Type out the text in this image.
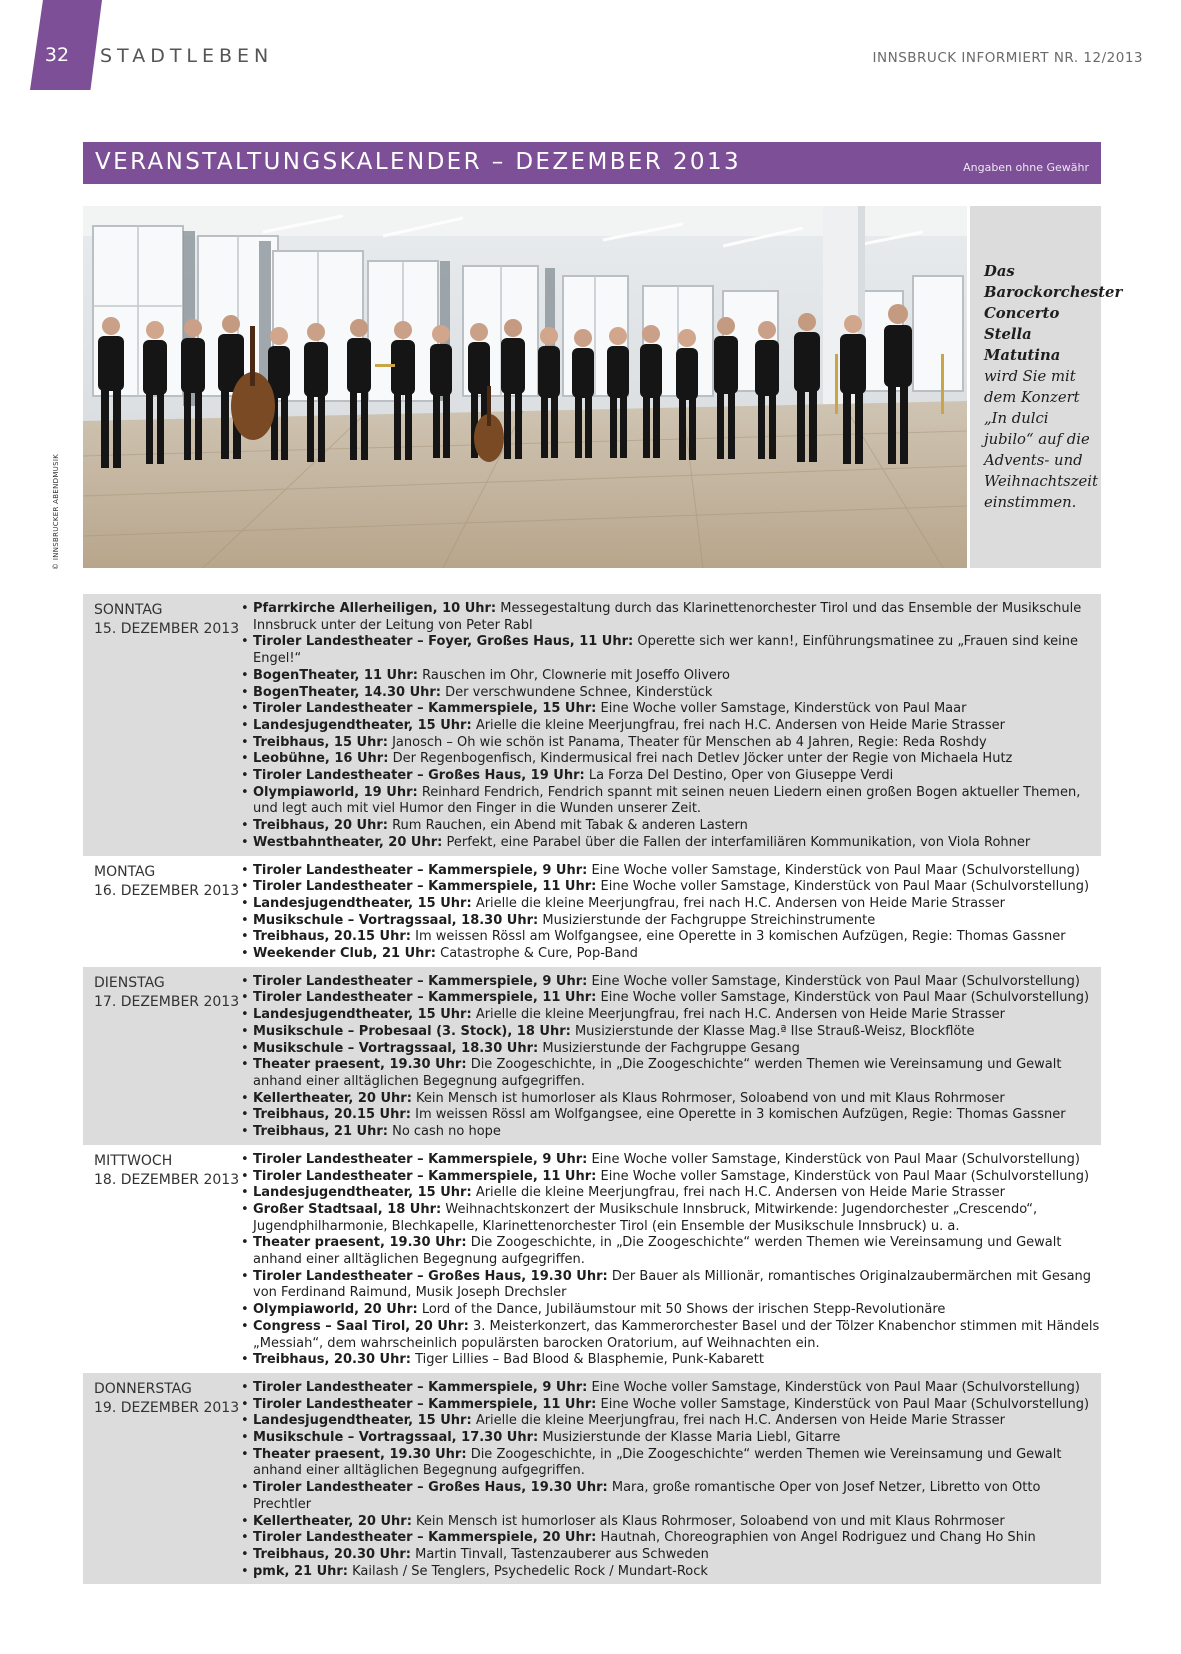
32 STADTLEBEN	INNSBRUCK INFORMIERT NR. 12/2013
VERANSTALTUNGSKALENDER – DEZEMBER 2013	Angaben ohne Gewähr
© INNSBRUCKER ABENDMUSIK
Das Barockorchester Concerto Stella Matutina wird Sie mit dem Konzert „In dulci jubilo“ auf die Advents- und Weihnachtszeit einstimmen.
SONNTAG
15. DEZEMBER 2013
• Pfarrkirche Allerheiligen, 10 Uhr: Messegestaltung durch das Klarinettenorchester Tirol und das Ensemble der Musikschule Innsbruck unter der Leitung von Peter Rabl
• Tiroler Landestheater – Foyer, Großes Haus, 11 Uhr: Operette sich wer kann!, Einführungsmatinee zu „Frauen sind keine Engel!“
• BogenTheater, 11 Uhr: Rauschen im Ohr, Clownerie mit Joseffo Olivero
• BogenTheater, 14.30 Uhr: Der verschwundene Schnee, Kinderstück
• Tiroler Landestheater – Kammerspiele, 15 Uhr: Eine Woche voller Samstage, Kinderstück von Paul Maar
• Landesjugendtheater, 15 Uhr: Arielle die kleine Meerjungfrau, frei nach H.C. Andersen von Heide Marie Strasser
• Treibhaus, 15 Uhr: Janosch – Oh wie schön ist Panama, Theater für Menschen ab 4 Jahren, Regie: Reda Roshdy
• Leobühne, 16 Uhr: Der Regenbogenfisch, Kindermusical frei nach Detlev Jöcker unter der Regie von Michaela Hutz
• Tiroler Landestheater – Großes Haus, 19 Uhr: La Forza Del Destino, Oper von Giuseppe Verdi
• Olympiaworld, 19 Uhr: Reinhard Fendrich, Fendrich spannt mit seinen neuen Liedern einen großen Bogen aktueller Themen, und legt auch mit viel Humor den Finger in die Wunden unserer Zeit.
• Treibhaus, 20 Uhr: Rum Rauchen, ein Abend mit Tabak & anderen Lastern
• Westbahntheater, 20 Uhr: Perfekt, eine Parabel über die Fallen der interfamiliären Kommunikation, von Viola Rohner
MONTAG
16. DEZEMBER 2013
• Tiroler Landestheater – Kammerspiele, 9 Uhr: Eine Woche voller Samstage, Kinderstück von Paul Maar (Schulvorstellung)
• Tiroler Landestheater – Kammerspiele, 11 Uhr: Eine Woche voller Samstage, Kinderstück von Paul Maar (Schulvorstellung)
• Landesjugendtheater, 15 Uhr: Arielle die kleine Meerjungfrau, frei nach H.C. Andersen von Heide Marie Strasser
• Musikschule – Vortragssaal, 18.30 Uhr: Musizierstunde der Fachgruppe Streichinstrumente
• Treibhaus, 20.15 Uhr: Im weissen Rössl am Wolfgangsee, eine Operette in 3 komischen Aufzügen, Regie: Thomas Gassner
• Weekender Club, 21 Uhr: Catastrophe & Cure, Pop-Band
DIENSTAG
17. DEZEMBER 2013
• Tiroler Landestheater – Kammerspiele, 9 Uhr: Eine Woche voller Samstage, Kinderstück von Paul Maar (Schulvorstellung)
• Tiroler Landestheater – Kammerspiele, 11 Uhr: Eine Woche voller Samstage, Kinderstück von Paul Maar (Schulvorstellung)
• Landesjugendtheater, 15 Uhr: Arielle die kleine Meerjungfrau, frei nach H.C. Andersen von Heide Marie Strasser
• Musikschule – Probesaal (3. Stock), 18 Uhr: Musizierstunde der Klasse Mag.ª Ilse Strauß-Weisz, Blockflöte
• Musikschule – Vortragssaal, 18.30 Uhr: Musizierstunde der Fachgruppe Gesang
• Theater praesent, 19.30 Uhr: Die Zoogeschichte, in „Die Zoogeschichte“ werden Themen wie Vereinsamung und Gewalt anhand einer alltäglichen Begegnung aufgegriffen.
• Kellertheater, 20 Uhr: Kein Mensch ist humorloser als Klaus Rohrmoser, Soloabend von und mit Klaus Rohrmoser
• Treibhaus, 20.15 Uhr: Im weissen Rössl am Wolfgangsee, eine Operette in 3 komischen Aufzügen, Regie: Thomas Gassner
• Treibhaus, 21 Uhr: No cash no hope
MITTWOCH
18. DEZEMBER 2013
• Tiroler Landestheater – Kammerspiele, 9 Uhr: Eine Woche voller Samstage, Kinderstück von Paul Maar (Schulvorstellung)
• Tiroler Landestheater – Kammerspiele, 11 Uhr: Eine Woche voller Samstage, Kinderstück von Paul Maar (Schulvorstellung)
• Landesjugendtheater, 15 Uhr: Arielle die kleine Meerjungfrau, frei nach H.C. Andersen von Heide Marie Strasser
• Großer Stadtsaal, 18 Uhr: Weihnachtskonzert der Musikschule Innsbruck, Mitwirkende: Jugendorchester „Crescendo“, Jugendphilharmonie, Blechkapelle, Klarinettenorchester Tirol (ein Ensemble der Musikschule Innsbruck) u. a.
• Theater praesent, 19.30 Uhr: Die Zoogeschichte, in „Die Zoogeschichte“ werden Themen wie Vereinsamung und Gewalt anhand einer alltäglichen Begegnung aufgegriffen.
• Tiroler Landestheater – Großes Haus, 19.30 Uhr: Der Bauer als Millionär, romantisches Originalzaubermärchen mit Gesang von Ferdinand Raimund, Musik Joseph Drechsler
• Olympiaworld, 20 Uhr: Lord of the Dance, Jubiläumstour mit 50 Shows der irischen Stepp-Revolutionäre
• Congress – Saal Tirol, 20 Uhr: 3. Meisterkonzert, das Kammerorchester Basel und der Tölzer Knabenchor stimmen mit Händels „Messiah“, dem wahrscheinlich populärsten barocken Oratorium, auf Weihnachten ein.
• Treibhaus, 20.30 Uhr: Tiger Lillies – Bad Blood & Blasphemie, Punk-Kabarett
DONNERSTAG
19. DEZEMBER 2013
• Tiroler Landestheater – Kammerspiele, 9 Uhr: Eine Woche voller Samstage, Kinderstück von Paul Maar (Schulvorstellung)
• Tiroler Landestheater – Kammerspiele, 11 Uhr: Eine Woche voller Samstage, Kinderstück von Paul Maar (Schulvorstellung)
• Landesjugendtheater, 15 Uhr: Arielle die kleine Meerjungfrau, frei nach H.C. Andersen von Heide Marie Strasser
• Musikschule – Vortragssaal, 17.30 Uhr: Musizierstunde der Klasse Maria Liebl, Gitarre
• Theater praesent, 19.30 Uhr: Die Zoogeschichte, in „Die Zoogeschichte“ werden Themen wie Vereinsamung und Gewalt anhand einer alltäglichen Begegnung aufgegriffen.
• Tiroler Landestheater – Großes Haus, 19.30 Uhr: Mara, große romantische Oper von Josef Netzer, Libretto von Otto Prechtler
• Kellertheater, 20 Uhr: Kein Mensch ist humorloser als Klaus Rohrmoser, Soloabend von und mit Klaus Rohrmoser
• Tiroler Landestheater – Kammerspiele, 20 Uhr: Hautnah, Choreographien von Angel Rodriguez und Chang Ho Shin
• Treibhaus, 20.30 Uhr: Martin Tinvall, Tastenzauberer aus Schweden
• pmk, 21 Uhr: Kailash / Se Tenglers, Psychedelic Rock / Mundart-Rock
